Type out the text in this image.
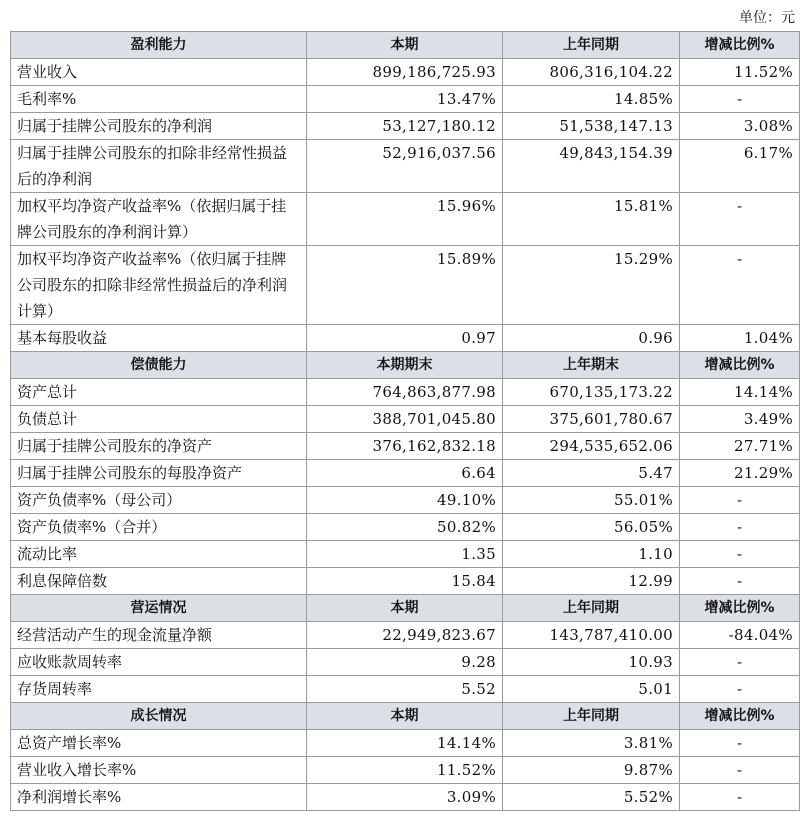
单位：元
盈利能力	本期	上年同期	增减比例%
营业收入	899,186,725.93	806,316,104.22	11.52%
毛利率%	13.47%	14.85%	-
归属于挂牌公司股东的净利润	53,127,180.12	51,538,147.13	3.08%
归属于挂牌公司股东的扣除非经常性损益后的净利润	52,916,037.56	49,843,154.39	6.17%
加权平均净资产收益率%（依据归属于挂牌公司股东的净利润计算）	15.96%	15.81%	-
加权平均净资产收益率%（依归属于挂牌公司股东的扣除非经常性损益后的净利润计算）	15.89%	15.29%	-
基本每股收益	0.97	0.96	1.04%
偿债能力	本期期末	上年期末	增减比例%
资产总计	764,863,877.98	670,135,173.22	14.14%
负债总计	388,701,045.80	375,601,780.67	3.49%
归属于挂牌公司股东的净资产	376,162,832.18	294,535,652.06	27.71%
归属于挂牌公司股东的每股净资产	6.64	5.47	21.29%
资产负债率%（母公司）	49.10%	55.01%	-
资产负债率%（合并）	50.82%	56.05%	-
流动比率	1.35	1.10	-
利息保障倍数	15.84	12.99	-
营运情况	本期	上年同期	增减比例%
经营活动产生的现金流量净额	22,949,823.67	143,787,410.00	-84.04%
应收账款周转率	9.28	10.93	-
存货周转率	5.52	5.01	-
成长情况	本期	上年同期	增减比例%
总资产增长率%	14.14%	3.81%	-
营业收入增长率%	11.52%	9.87%	-
净利润增长率%	3.09%	5.52%	-
